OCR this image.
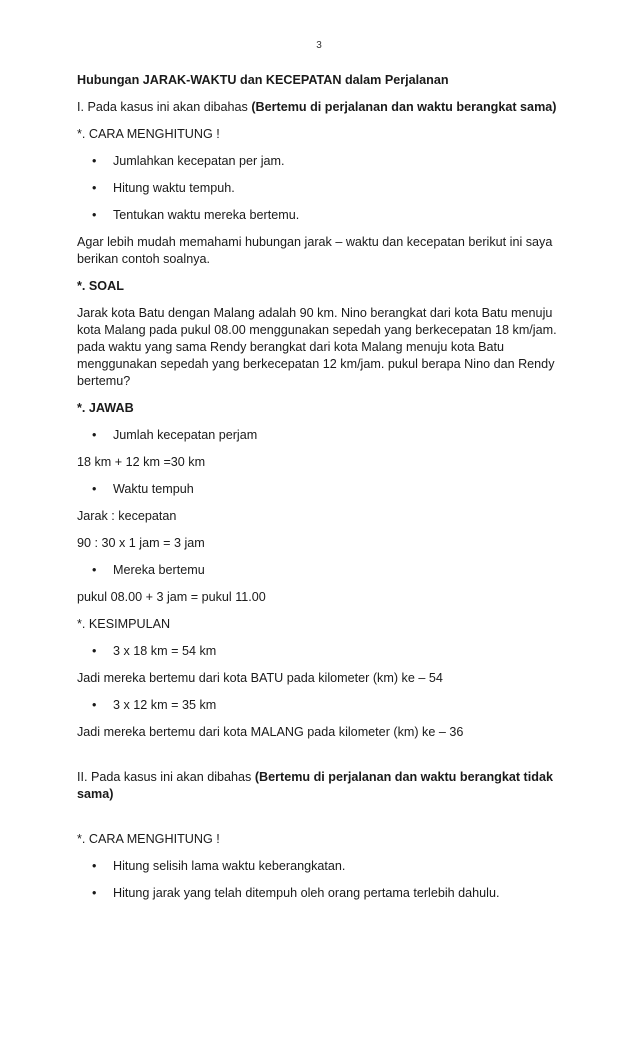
3

Hubungan JARAK-WAKTU dan KECEPATAN dalam Perjalanan

I. Pada kasus ini akan dibahas (Bertemu di perjalanan dan waktu berangkat sama)

*. CARA MENGHITUNG !

• Jumlahkan kecepatan per jam.
• Hitung waktu tempuh.
• Tentukan waktu mereka bertemu.

Agar lebih mudah memahami hubungan jarak – waktu dan kecepatan berikut ini saya berikan contoh soalnya.

*. SOAL

Jarak kota Batu dengan Malang adalah 90 km. Nino berangkat dari kota Batu menuju kota Malang pada pukul 08.00 menggunakan sepedah yang berkecepatan 18 km/jam. pada waktu yang sama Rendy berangkat dari kota Malang menuju kota Batu menggunakan sepedah yang berkecepatan 12 km/jam. pukul berapa Nino dan Rendy bertemu?

*. JAWAB

• Jumlah kecepatan perjam

18 km + 12 km =30 km

• Waktu tempuh

Jarak : kecepatan

90 : 30 x 1 jam = 3 jam

• Mereka bertemu

pukul 08.00 + 3 jam = pukul 11.00

*. KESIMPULAN

• 3 x 18 km = 54 km

Jadi mereka bertemu dari kota BATU pada kilometer (km) ke – 54

• 3 x 12 km = 35 km

Jadi mereka bertemu dari kota MALANG pada kilometer (km) ke – 36

II. Pada kasus ini akan dibahas (Bertemu di perjalanan dan waktu berangkat tidak sama)

*. CARA MENGHITUNG !

• Hitung selisih lama waktu keberangkatan.
• Hitung jarak yang telah ditempuh oleh orang pertama terlebih dahulu.
